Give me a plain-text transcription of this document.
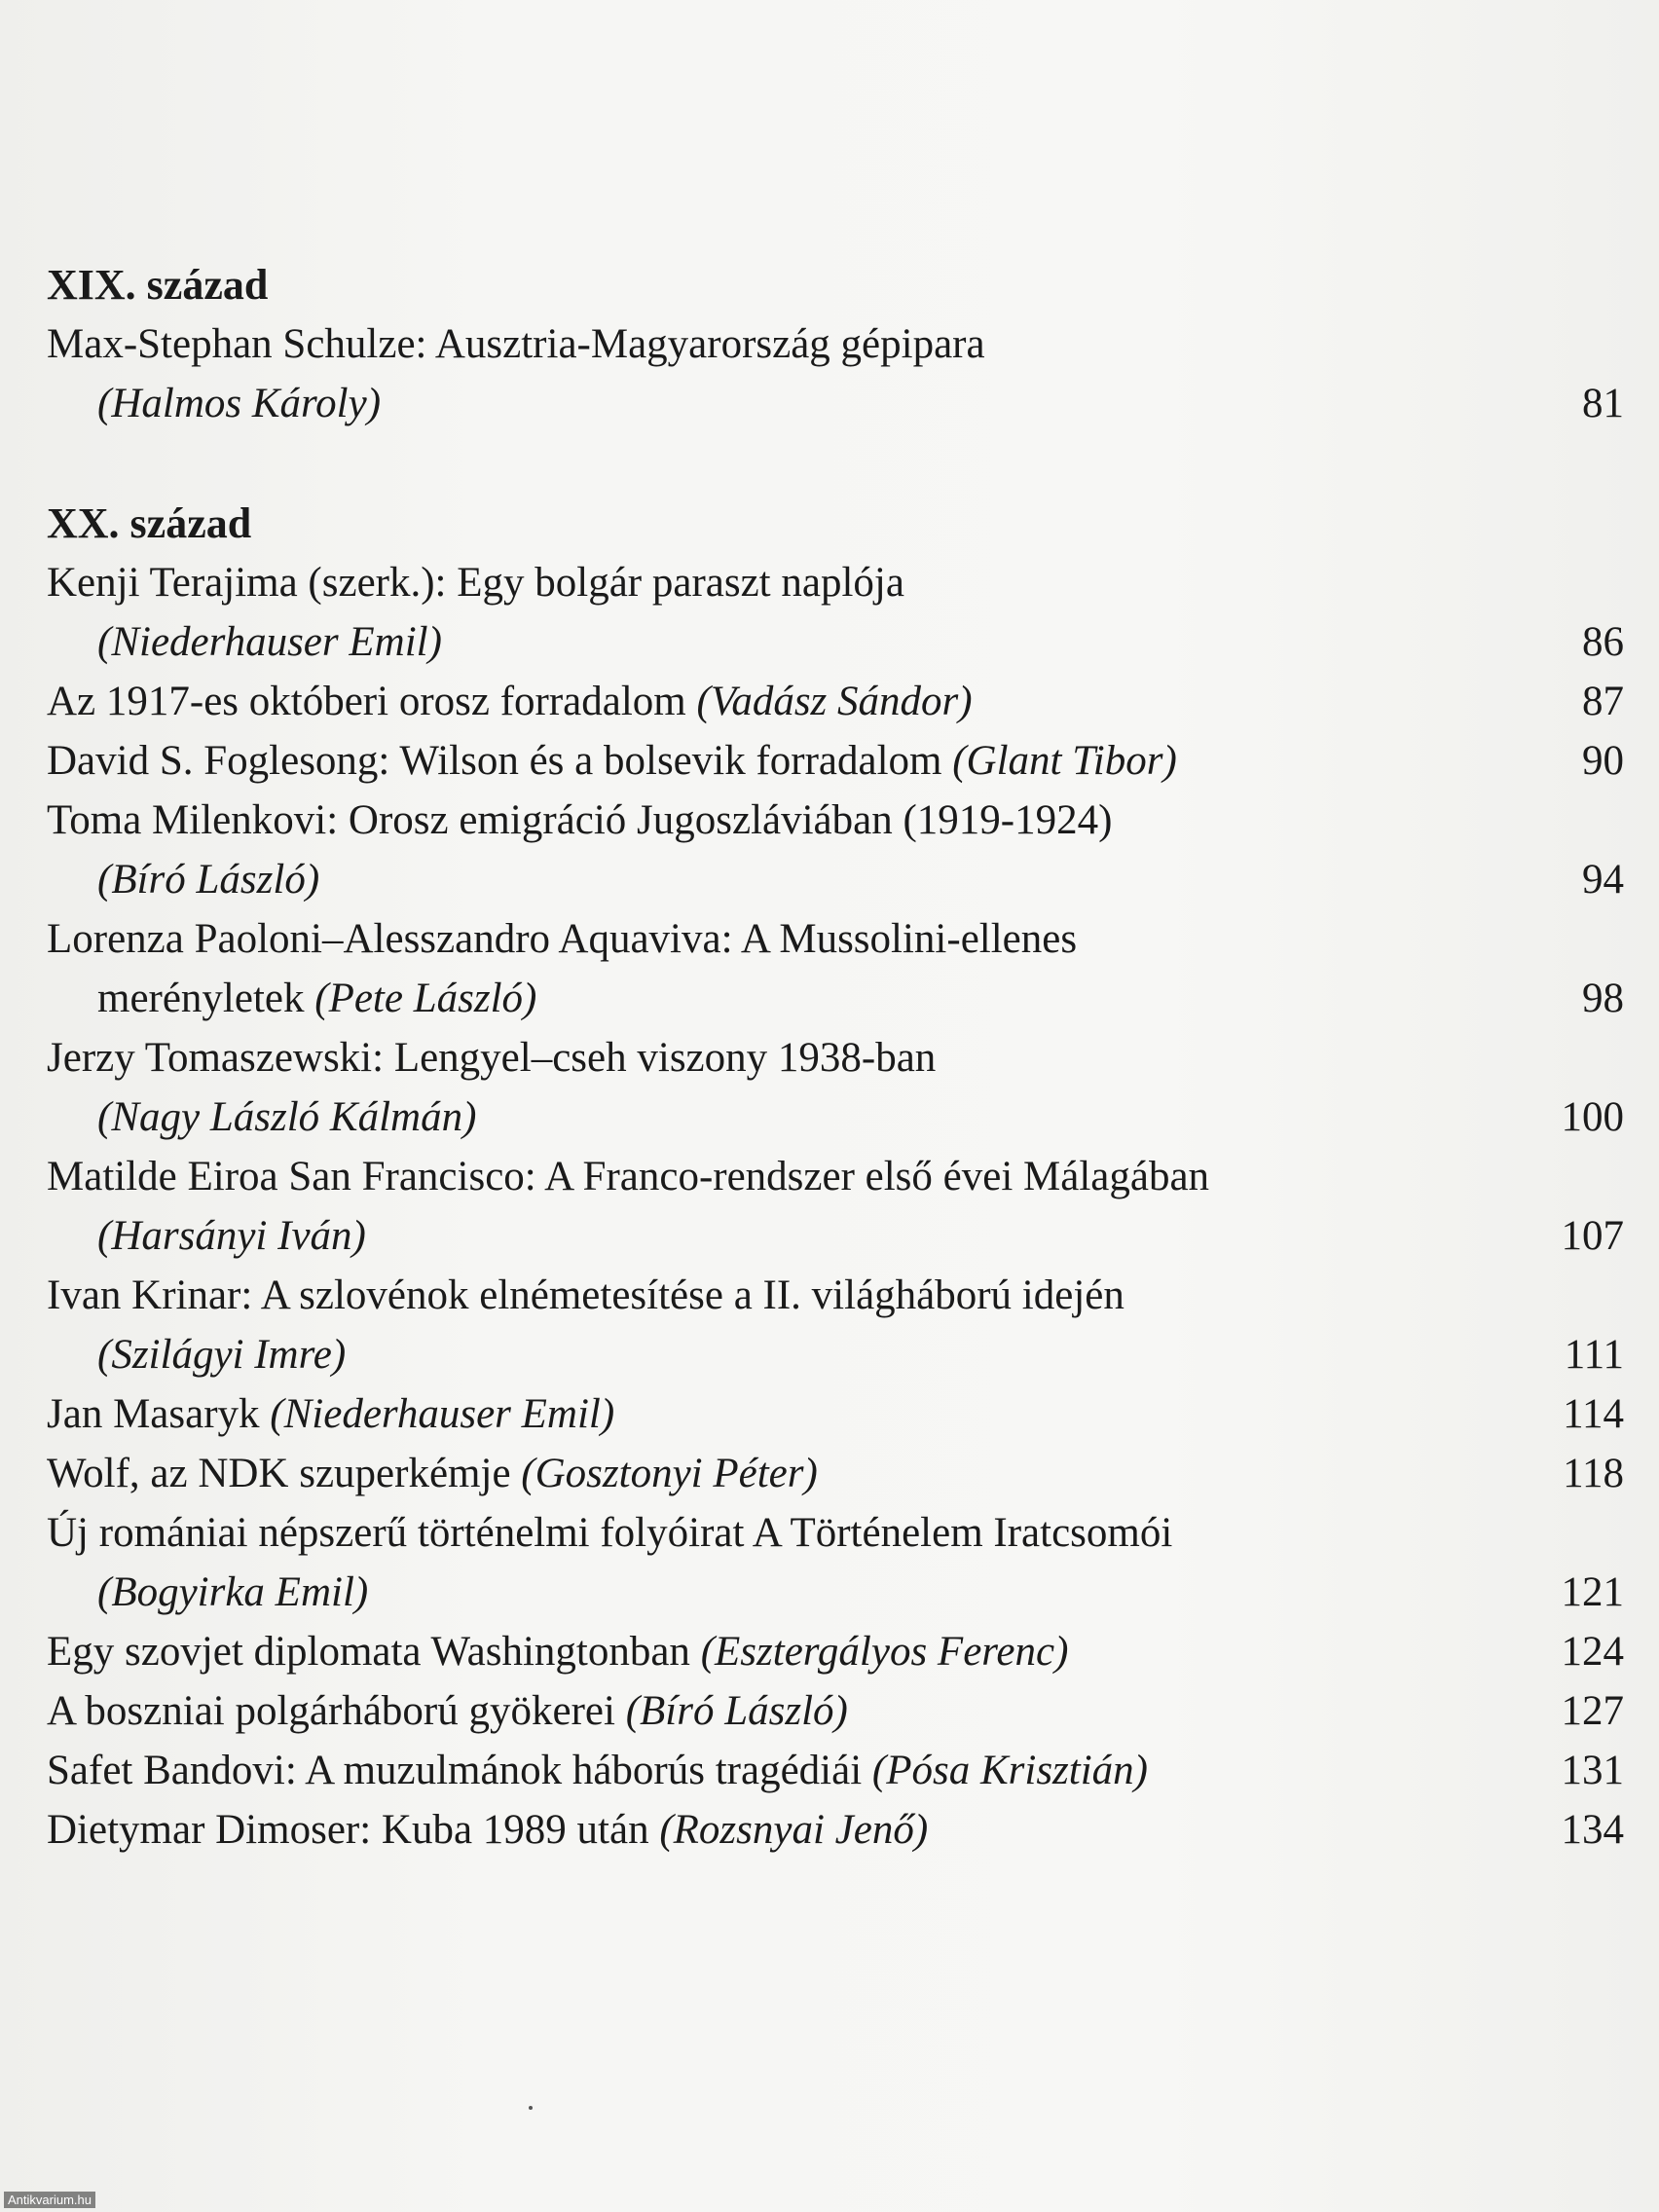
XIX. század
Max-Stephan Schulze: Ausztria-Magyarország gépipara
(Halmos Károly)	81
XX. század
Kenji Terajima (szerk.): Egy bolgár paraszt naplója
(Niederhauser Emil)	86
Az 1917-es októberi orosz forradalom (Vadász Sándor)	87
David S. Foglesong: Wilson és a bolsevik forradalom (Glant Tibor)	90
Toma Milenkovi: Orosz emigráció Jugoszláviában (1919-1924)
(Bíró László)	94
Lorenza Paoloni–Alesszandro Aquaviva: A Mussolini-ellenes
merényletek (Pete László)	98
Jerzy Tomaszewski: Lengyel–cseh viszony 1938-ban
(Nagy László Kálmán)	100
Matilde Eiroa San Francisco: A Franco-rendszer első évei Málagában
(Harsányi Iván)	107
Ivan Krinar: A szlovénok elnémetesítése a II. világháború idején
(Szilágyi Imre)	111
Jan Masaryk (Niederhauser Emil)	114
Wolf, az NDK szuperkémje (Gosztonyi Péter)	118
Új romániai népszerű történelmi folyóirat A Történelem Iratcsomói
(Bogyirka Emil)	121
Egy szovjet diplomata Washingtonban (Esztergályos Ferenc)	124
A boszniai polgárháború gyökerei (Bíró László)	127
Safet Bandovi: A muzulmánok háborús tragédiái (Pósa Krisztián)	131
Dietymar Dimoser: Kuba 1989 után (Rozsnyai Jenő)	134
Antikvarium.hu
